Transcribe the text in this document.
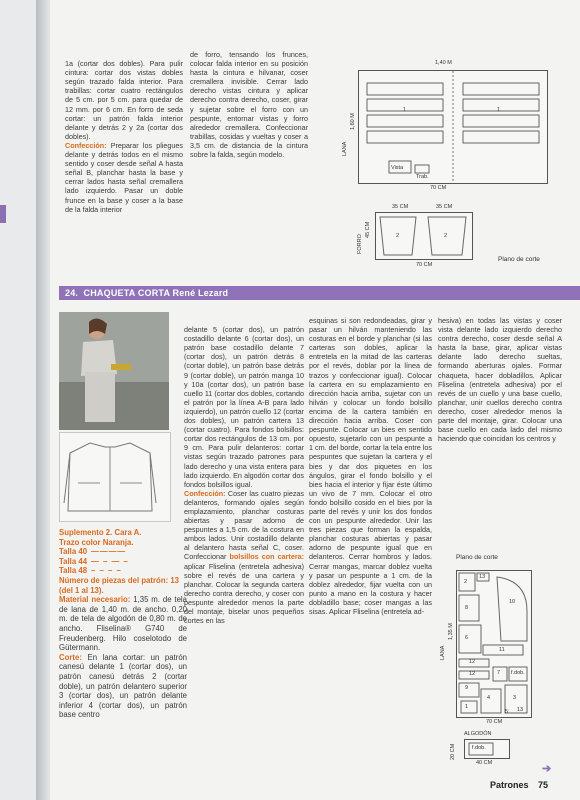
1a (cortar dos dobles). Para pulir cintura: cortar dos vistas dobles según trazado falda interior. Para trabillas: cortar cuatro rectángulos de 5 cm. por 5 cm. para quedar de 12 mm. por 6 cm. En forro de seda cortar: un patrón falda interior delante y detrás 2 y 2a (cortar dos dobles).
Confección: Preparar los pliegues delante y detrás todos en el mismo sentido y coser desde señal A hasta señal B, planchar hasta la base y cerrar lados hasta señal cremallera lado izquierdo. Pasar un doble frunce en la base y coser a la base de la falda interior

de forro, tensando los frunces, colocar falda interior en su posición hasta la cintura e hilvanar, coser cremallera invisible. Cerrar lado derecho vistas cintura y aplicar derecho contra derecho, coser, girar y sujetar sobre el forro con un pespunte, entornar vistas y forro alrededor cremallera. Confeccionar trabillas, cosidas y vueltas y coser a 3,5 cm. de distancia de la cintura sobre la falda, según modelo.
1,40 M
1	1
Vista
Trab.
LANA
1,60 M
70 CM
35 CM	35 CM
2	2
FORRO
45 CM
70 CM
Plano de corte
24. CHAQUETA CORTA René Lezard
Suplemento 2. Cara A.
Trazo color Naranja.
Talla 40 ————
Talla 44 — – — –
Talla 48 – – – –
Número de piezas del patrón: 13 (del 1 al 13).
Material necesario: 1,35 m. de tela de lana de 1,40 m. de ancho. 0,20 m. de tela de algodón de 0,80 m. de ancho. Fliselina® G740 de Freudenberg. Hilo coselotodo de Gütermann.
Corte: En lana cortar: un patrón canesú delante 1 (cortar dos), un patrón canesú detrás 2 (cortar doble), un patrón delantero superior 3 (cortar dos), un patrón delante inferior 4 (cortar dos), un patrón base centro

delante 5 (cortar dos), un patrón costadillo delante 6 (cortar dos), un patrón base costadillo delante 7 (cortar dos), un patrón detrás 8 (cortar doble), un patrón base detrás 9 (cortar doble), un patrón manga 10 y 10a (cortar dos), un patrón base cuello 11 (cortar dos dobles, cortando el patrón por la línea A-B para lado izquierdo), un patrón cuello 12 (cortar dos dobles), un patrón cartera 13 (cortar cuatro). Para fondos bolsillos: cortar dos rectángulos de 13 cm. por 9 cm. Para pulir delanteros: cortar vistas según trazado patrones para lado derecho y una vista entera para lado izquierdo. En algodón cortar dos fondos bolsillos igual.
Confección: Coser las cuatro piezas delanteros, formando ojales según emplazamiento, planchar costuras abiertas y pasar adorno de pespuntes a 1,5 cm. de la costura en ambos lados. Unir costadillo delante al delantero hasta señal C, coser. Confeccionar bolsillos con cartera: aplicar Fliselina (entretela adhesiva) sobre el revés de una cartera y planchar. Colocar la segunda cartera derecho contra derecho, y coser con pespunte alrededor menos la parte del montaje, biselar unos pequeños cortes en las

esquinas si son redondeadas, girar y pasar un hilván manteniendo las costuras en el borde y planchar (si las carteras son dobles, aplicar la entretela en la mitad de las carteras por el revés, doblar por la línea de trazos y confeccionar igual). Colocar la cartera en su emplazamiento en dirección hacia arriba, sujetar con un hilván y colocar un fondo bolsillo encima de la cartera también en dirección hacia arriba. Coser con pespunte. Colocar un bies en sentido opuesto, sujetarlo con un pespunte a 1 cm. del borde, cortar la tela entre los pespuntes que sujetan la cartera y el bies y dar dos piquetes en los ángulos, girar el fondo bolsillo y el bies hacia el interior y fijar éste último un vivo de 7 mm. Colocar el otro fondo bolsillo cosido en el bies por la parte del revés y unir los dos fondos con un pespunte alrededor. Unir las tres piezas que forman la espalda, planchar costuras abiertas y pasar adorno de pespunte igual que en delanteros. Cerrar hombros y lados. Cerrar mangas, marcar doblez vuelta y pasar un pespunte a 1 cm. de la doblez alrededor, fijar vuelta con un punto a mano en la costura y hacer dobladillo base; coser mangas a las sisas. Aplicar Fliselina (entretela ad-
hesiva) en todas las vistas y coser vista delante lado izquierdo derecho contra derecho, coser desde señal A hasta la base, girar, aplicar vistas delante lado derecho sueltas, formando aberturas ojales. Formar chaqueta, hacer dobladillos. Aplicar Fliselina (entretela adhesiva) por el revés de un cuello y una base cuello, planchar, unir cuellos derecho contra derecho, coser alrededor menos la parte del montaje, girar. Colocar una base cuello en cada lado del mismo haciendo que coincidan los centros y
Plano de corte
2
13
8
10
6
11
12
12	7 f.dob.
9
4	3
1
5 13
LANA
1,35 M
70 CM
ALGODÓN
f.dob.
20 CM
40 CM	➔
Patrones 75
